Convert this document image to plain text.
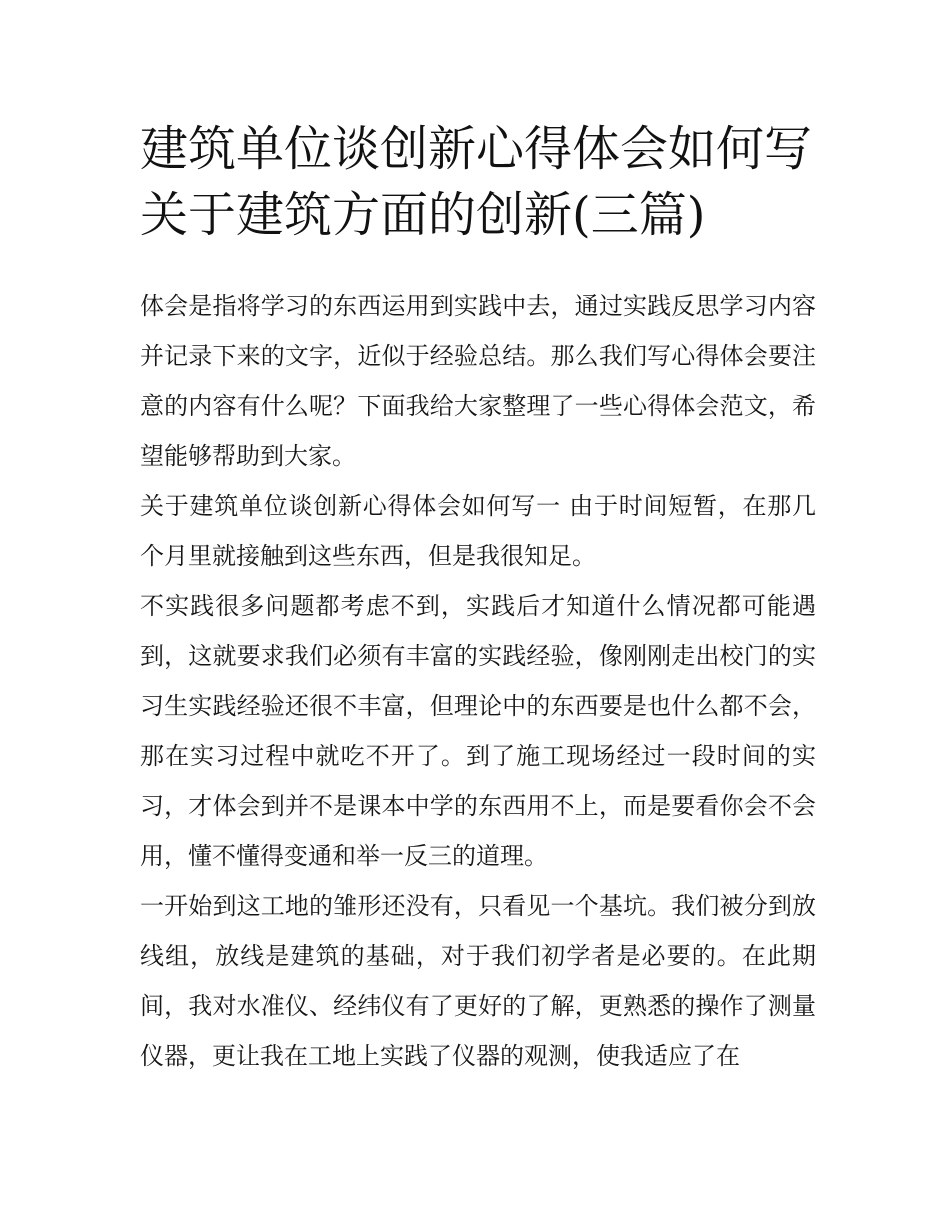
建筑单位谈创新心得体会如何写 关于建筑方面的创新(三篇)

体会是指将学习的东西运用到实践中去，通过实践反思学习内容并记录下来的文字，近似于经验总结。那么我们写心得体会要注意的内容有什么呢？下面我给大家整理了一些心得体会范文，希望能够帮助到大家。

关于建筑单位谈创新心得体会如何写一 由于时间短暂，在那几个月里就接触到这些东西，但是我很知足。

不实践很多问题都考虑不到，实践后才知道什么情况都可能遇到，这就要求我们必须有丰富的实践经验，像刚刚走出校门的实习生实践经验还很不丰富，但理论中的东西要是也什么都不会，那在实习过程中就吃不开了。到了施工现场经过一段时间的实习，才体会到并不是课本中学的东西用不上，而是要看你会不会用，懂不懂得变通和举一反三的道理。

一开始到这工地的雏形还没有，只看见一个基坑。我们被分到放线组，放线是建筑的基础，对于我们初学者是必要的。在此期间，我对水准仪、经纬仪有了更好的了解，更熟悉的操作了测量仪器，更让我在工地上实践了仪器的观测，使我适应了在
